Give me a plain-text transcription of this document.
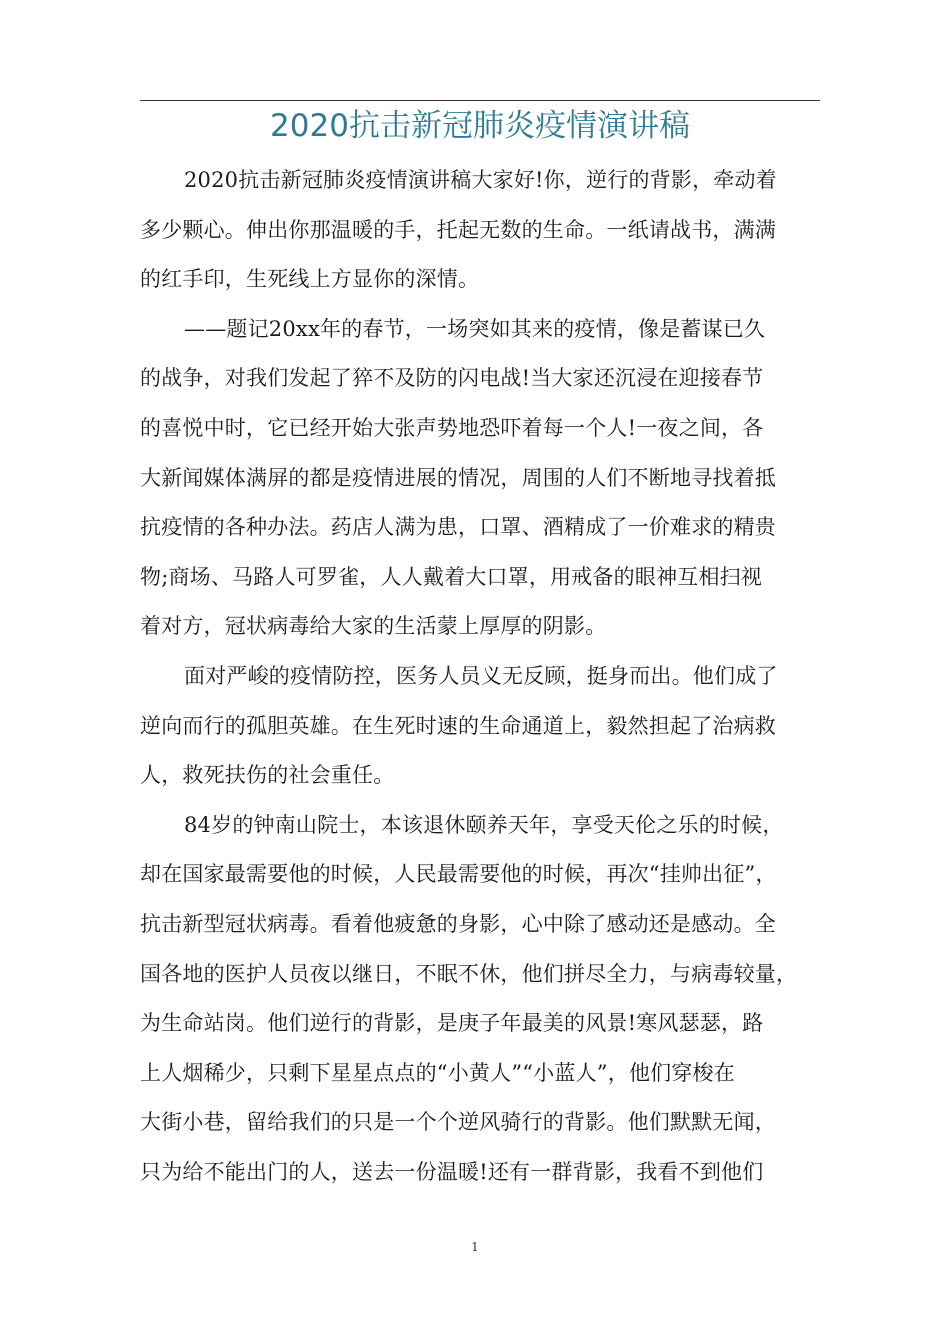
2020抗击新冠肺炎疫情演讲稿
2020抗击新冠肺炎疫情演讲稿大家好!你，逆行的背影，牵动着
多少颗心。伸出你那温暖的手，托起无数的生命。一纸请战书，满满
的红手印，生死线上方显你的深情。
——题记20xx年的春节，一场突如其来的疫情，像是蓄谋已久
的战争，对我们发起了猝不及防的闪电战!当大家还沉浸在迎接春节
的喜悦中时，它已经开始大张声势地恐吓着每一个人!一夜之间，各
大新闻媒体满屏的都是疫情进展的情况，周围的人们不断地寻找着抵
抗疫情的各种办法。药店人满为患，口罩、酒精成了一价难求的精贵
物;商场、马路人可罗雀，人人戴着大口罩，用戒备的眼神互相扫视
着对方，冠状病毒给大家的生活蒙上厚厚的阴影。
面对严峻的疫情防控，医务人员义无反顾，挺身而出。他们成了
逆向而行的孤胆英雄。在生死时速的生命通道上，毅然担起了治病救
人，救死扶伤的社会重任。
84岁的钟南山院士，本该退休颐养天年，享受天伦之乐的时候，
却在国家最需要他的时候，人民最需要他的时候，再次“挂帅出征”，
抗击新型冠状病毒。看着他疲惫的身影，心中除了感动还是感动。全
国各地的医护人员夜以继日，不眠不休，他们拼尽全力，与病毒较量，
为生命站岗。他们逆行的背影，是庚子年最美的风景!寒风瑟瑟，路
上人烟稀少，只剩下星星点点的“小黄人”“小蓝人”，他们穿梭在
大街小巷，留给我们的只是一个个逆风骑行的背影。他们默默无闻，
只为给不能出门的人，送去一份温暖!还有一群背影，我看不到他们
1
